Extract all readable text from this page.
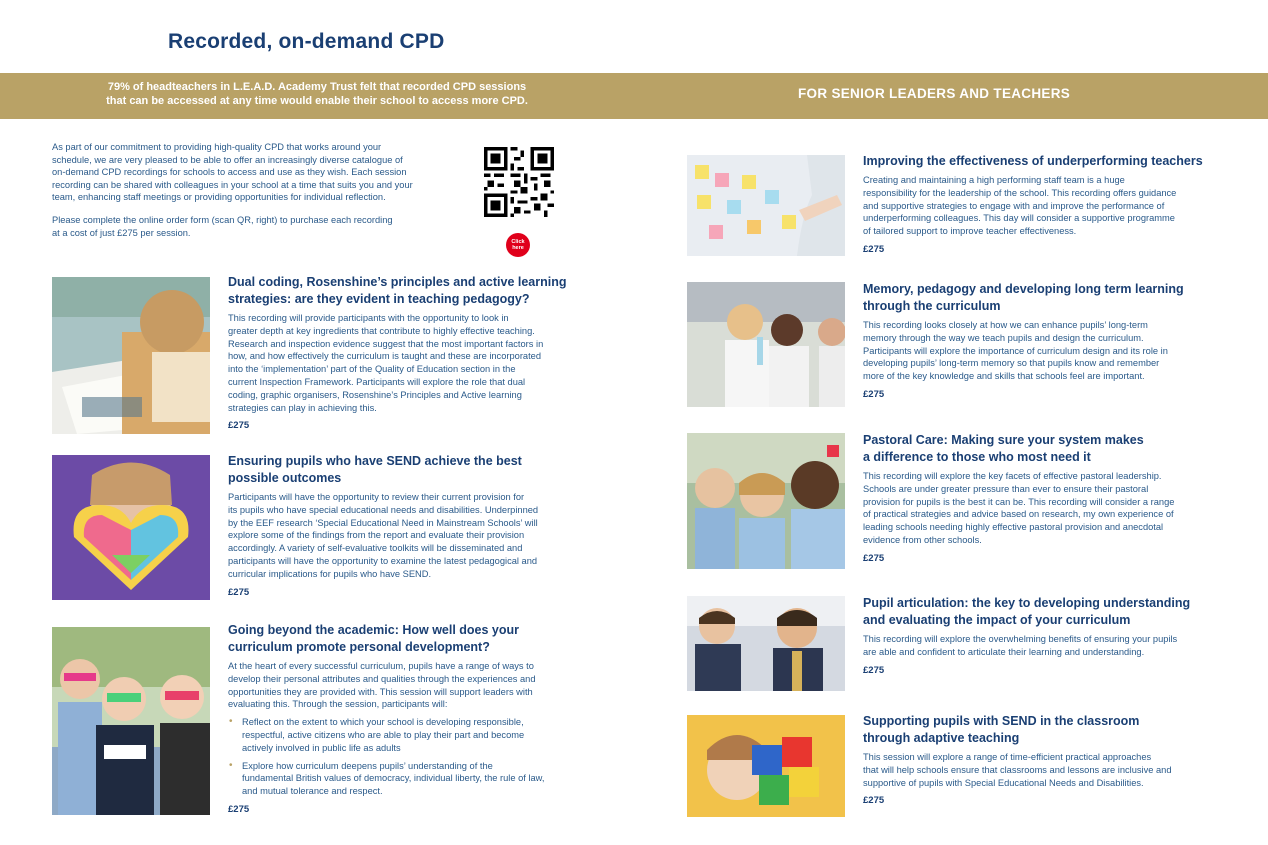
Recorded, on-demand CPD
79% of headteachers in L.E.A.D. Academy Trust felt that recorded CPD sessions
that can be accessed at any time would enable their school to access more CPD.	FOR SENIOR LEADERS AND TEACHERS
As part of our commitment to providing high-quality CPD that works around your
schedule, we are very pleased to be able to offer an increasingly diverse catalogue of
on-demand CPD recordings for schools to access and use as they wish. Each session
recording can be shared with colleagues in your school at a time that suits you and your
team, enhancing staff meetings or providing opportunities for individual reflection.
Please complete the online order form (scan QR, right) to purchase each recording
at a cost of just £275 per session.
Click
here
Dual coding, Rosenshine’s principles and active learning
strategies: are they evident in teaching pedagogy?
This recording will provide participants with the opportunity to look in
greater depth at key ingredients that contribute to highly effective teaching.
Research and inspection evidence suggest that the most important factors in
how, and how effectively the curriculum is taught and these are incorporated
into the ‘implementation’ part of the Quality of Education section in the
current Inspection Framework. Participants will explore the role that dual
coding, graphic organisers, Rosenshine’s Principles and Active learning
strategies can play in achieving this.
£275
Ensuring pupils who have SEND achieve the best
possible outcomes
Participants will have the opportunity to review their current provision for
its pupils who have special educational needs and disabilities. Underpinned
by the EEF research ‘Special Educational Need in Mainstream Schools’ will
explore some of the findings from the report and evaluate their provision
accordingly. A variety of self-evaluative toolkits will be disseminated and
participants will have the opportunity to examine the latest pedagogical and
curricular implications for pupils who have SEND.
£275
Going beyond the academic: How well does your
curriculum promote personal development?
At the heart of every successful curriculum, pupils have a range of ways to
develop their personal attributes and qualities through the experiences and
opportunities they are provided with. This session will support leaders with
evaluating this. Through the session, participants will:
• Reflect on the extent to which your school is developing responsible,
respectful, active citizens who are able to play their part and become
actively involved in public life as adults
• Explore how curriculum deepens pupils’ understanding of the
fundamental British values of democracy, individual liberty, the rule of law,
and mutual tolerance and respect.
£275
Improving the effectiveness of underperforming teachers
Creating and maintaining a high performing staff team is a huge
responsibility for the leadership of the school. This recording offers guidance
and supportive strategies to engage with and improve the performance of
underperforming colleagues. This day will consider a supportive programme
of tailored support to improve teacher effectiveness.
£275
Memory, pedagogy and developing long term learning
through the curriculum
This recording looks closely at how we can enhance pupils’ long-term
memory through the way we teach pupils and design the curriculum.
Participants will explore the importance of curriculum design and its role in
developing pupils’ long-term memory so that pupils know and remember
more of the key knowledge and skills that schools feel are important.
£275
Pastoral Care: Making sure your system makes
a difference to those who most need it
This recording will explore the key facets of effective pastoral leadership.
Schools are under greater pressure than ever to ensure their pastoral
provision for pupils is the best it can be. This recording will consider a range
of practical strategies and advice based on research, my own experience of
leading schools needing highly effective pastoral provision and anecdotal
evidence from other schools.
£275
Pupil articulation: the key to developing understanding
and evaluating the impact of your curriculum
This recording will explore the overwhelming benefits of ensuring your pupils
are able and confident to articulate their learning and understanding.
£275
Supporting pupils with SEND in the classroom
through adaptive teaching
This session will explore a range of time-efficient practical approaches
that will help schools ensure that classrooms and lessons are inclusive and
supportive of pupils with Special Educational Needs and Disabilities.
£275
